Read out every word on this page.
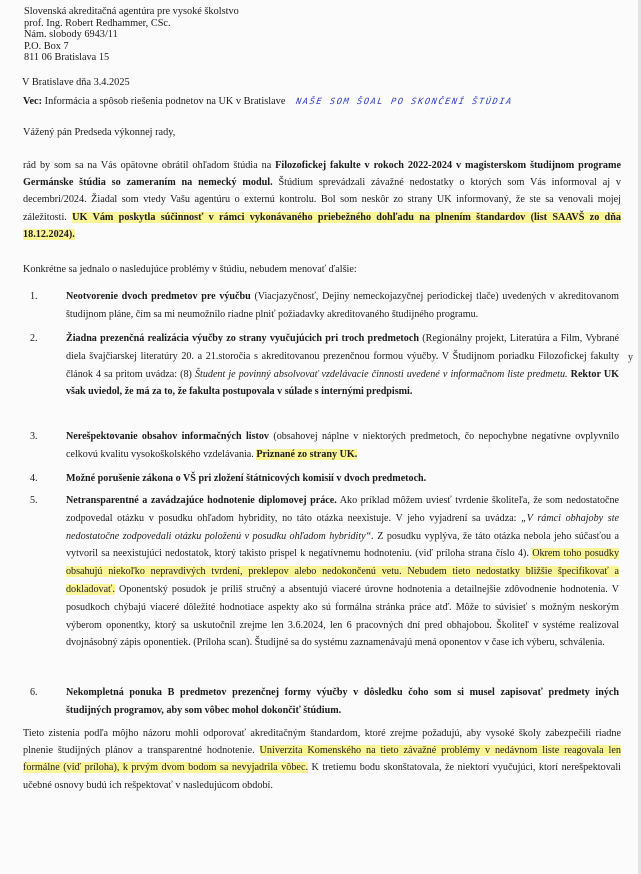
Slovenská akreditačná agentúra pre vysoké školstvo
prof. Ing. Robert Redhammer, CSc.
Nám. slobody 6943/11
P.O. Box 7
811 06 Bratislava 15
V Bratislave dňa 3.4.2025
Vec: Informácia a spôsob riešenia podnetov na UK v Bratislave NAŠE SOM ŠOAL PO SKONČENÍ ŠTÚDIA
Vážený pán Predseda výkonnej rady,
rád by som sa na Vás opätovne obrátil ohľadom štúdia na Filozofickej fakulte v rokoch 2022-2024 v magisterskom študijnom programe Germánske štúdia so zameraním na nemecký modul. Štúdium sprevádzali závažné nedostatky o ktorých som Vás informoval aj v decembri/2024. Žiadal som vtedy Vašu agentúru o externú kontrolu. Bol som neskôr zo strany UK informovaný, že ste sa venovali mojej záležitosti. UK Vám poskytla súčinnosť v rámci vykonávaného priebežného dohľadu na plnením štandardov (list SAAVŠ zo dňa 18.12.2024).
Konkrétne sa jednalo o nasledujúce problémy v štúdiu, nebudem menovať ďalšie:
1.	Neotvorenie dvoch predmetov pre výučbu (Viacjazyčnosť, Dejiny nemeckojazyčnej periodickej tlače) uvedených v akreditovanom študijnom pláne, čím sa mi neumožnilo riadne plniť požiadavky akreditovaného študijného programu.
2.	Žiadna prezenčná realizácia výučby zo strany vyučujúcich pri troch predmetoch (Regionálny projekt, Literatúra a Film, Vybrané diela švajčiarskej literatúry 20. a 21.storočia s akreditovanou prezenčnou formou výučby. V Študijnom poriadku Filozofickej fakulty článok 4 sa pritom uvádza: (8) Študent je povinný absolvovať vzdelávacie činnosti uvedené v informačnom liste predmetu. Rektor UK však uviedol, že má za to, že fakulta postupovala v súlade s internými predpismi.
3.	Nerešpektovanie obsahov informačných listov (obsahovej náplne v niektorých predmetoch, čo nepochybne negatívne ovplyvnilo celkovú kvalitu vysokoškolského vzdelávania. Priznané zo strany UK.
4.	Možné porušenie zákona o VŠ pri zložení štátnicových komisií v dvoch predmetoch.
5.	Netransparentné a zavádzajúce hodnotenie diplomovej práce. Ako príklad môžem uviesť tvrdenie školiteľa, že som nedostatočne zodpovedal otázku v posudku ohľadom hybridity, no táto otázka neexistuje. V jeho vyjadrení sa uvádza: „V rámci obhajoby ste nedostatočne zodpovedali otázku položenú v posudku ohľadom hybridity“. Z posudku vyplýva, že táto otázka nebola jeho súčasťou a vytvoril sa neexistujúci nedostatok, ktorý takisto prispel k negatívnemu hodnoteniu. (viď príloha strana číslo 4). Okrem toho posudky obsahujú niekoľko nepravdivých tvrdení, preklepov alebo nedokončenú vetu. Nebudem tieto nedostatky bližšie špecifikovať a dokladovať. Oponentský posudok je príliš stručný a absentujú viaceré úrovne hodnotenia a detailnejšie zdôvodnenie hodnotenia. V posudkoch chýbajú viaceré dôležité hodnotiace aspekty ako sú formálna stránka práce atď. Môže to súvisieť s možným neskorým výberom oponentky, ktorý sa uskutočnil zrejme len 3.6.2024, len 6 pracovných dní pred obhajobou. Školiteľ v systéme realizoval dvojnásobný zápis oponentiek. (Príloha scan). Študijné sa do systému zaznamenávajú mená oponentov v čase ich výberu, schválenia.
6.	Nekompletná ponuka B predmetov prezenčnej formy výučby v dôsledku čoho som si musel zapisovať predmety iných študijných programov, aby som vôbec mohol dokončiť štúdium.
Tieto zistenia podľa môjho názoru mohli odporovať akreditačným štandardom, ktoré zrejme požadujú, aby vysoké školy zabezpečili riadne plnenie študijných plánov a transparentné hodnotenie. Univerzita Komenského na tieto závažné problémy v nedávnom liste reagovala len formálne (viď príloha), k prvým dvom bodom sa nevyjadrila vôbec. K tretiemu bodu skonštatovala, že niektorí vyučujúci, ktorí nerešpektovali učebné osnovy budú ich rešpektovať v nasledujúcom období.
y
